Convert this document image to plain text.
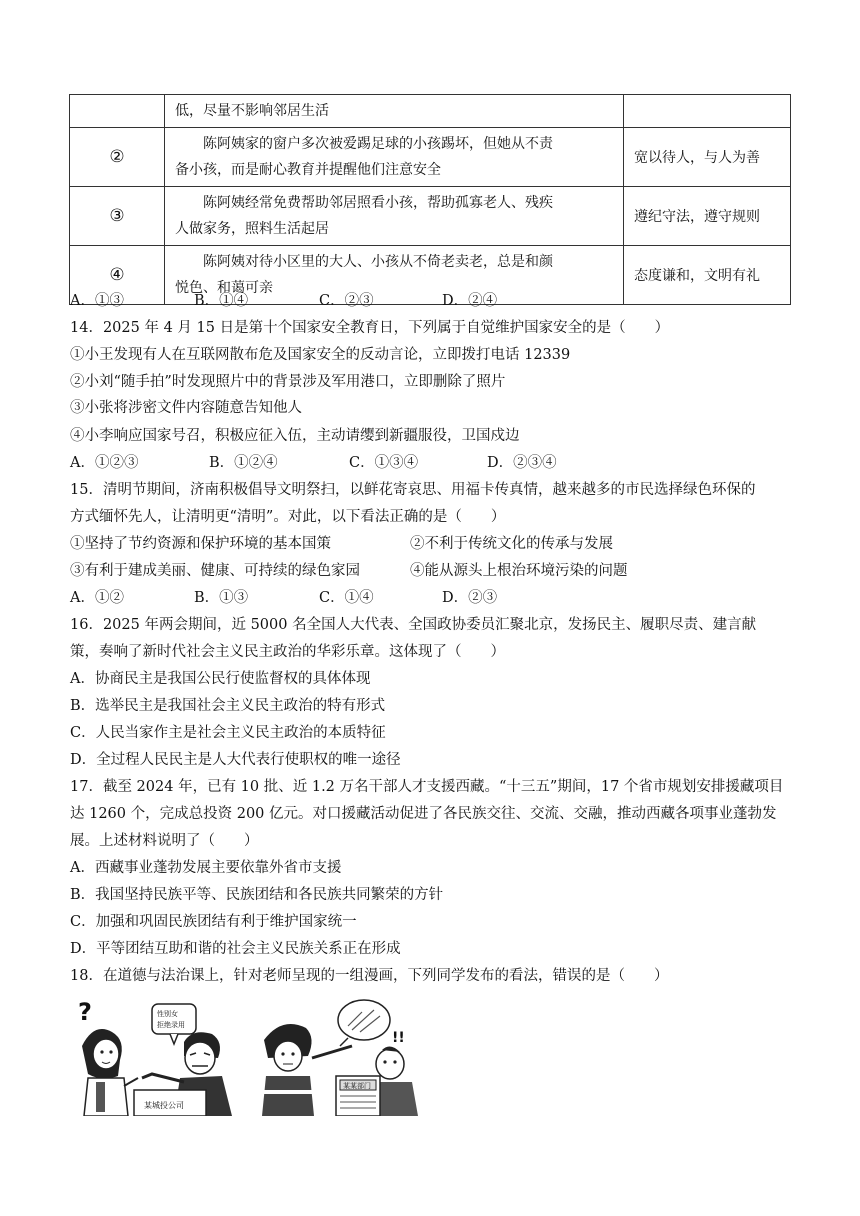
	低，尽量不影响邻居生活	
②	陈阿姨家的窗户多次被爱踢足球的小孩踢坏，但她从不责
备小孩，而是耐心教育并提醒他们注意安全	宽以待人，与人为善
③	陈阿姨经常免费帮助邻居照看小孩，帮助孤寡老人、残疾
人做家务，照料生活起居	遵纪守法，遵守规则
④	陈阿姨对待小区里的大人、小孩从不倚老卖老，总是和颜
悦色、和蔼可亲	态度谦和，文明有礼
A．①③	B．①④	C．②③	D．②④
14．2025 年 4 月 15 日是第十个国家安全教育日，下列属于自觉维护国家安全的是（　　）
①小王发现有人在互联网散布危及国家安全的反动言论，立即拨打电话 12339
②小刘“随手拍”时发现照片中的背景涉及军用港口，立即删除了照片
③小张将涉密文件内容随意告知他人
④小李响应国家号召，积极应征入伍，主动请缨到新疆服役，卫国戍边
A．①②③	B．①②④	C．①③④	D．②③④
15．清明节期间，济南积极倡导文明祭扫，以鲜花寄哀思、用福卡传真情，越来越多的市民选择绿色环保的
方式缅怀先人，让清明更“清明”。对此，以下看法正确的是（　　）
①坚持了节约资源和保护环境的基本国策	②不利于传统文化的传承与发展
③有利于建成美丽、健康、可持续的绿色家园	④能从源头上根治环境污染的问题
A．①②	B．①③	C．①④	D．②③
16．2025 年两会期间，近 5000 名全国人大代表、全国政协委员汇聚北京，发扬民主、履职尽责、建言献
策，奏响了新时代社会主义民主政治的华彩乐章。这体现了（　　）
A．协商民主是我国公民行使监督权的具体体现
B．选举民主是我国社会主义民主政治的特有形式
C．人民当家作主是社会主义民主政治的本质特征
D．全过程人民民主是人大代表行使职权的唯一途径
17．截至 2024 年，已有 10 批、近 1.2 万名干部人才支援西藏。“十三五”期间，17 个省市规划安排援藏项目
达 1260 个，完成总投资 200 亿元。对口援藏活动促进了各民族交往、交流、交融，推动西藏各项事业蓬勃发
展。上述材料说明了（　　）
A．西藏事业蓬勃发展主要依靠外省市支援
B．我国坚持民族平等、民族团结和各民族共同繁荣的方针
C．加强和巩固民族团结有利于维护国家统一
D．平等团结互助和谐的社会主义民族关系正在形成
18．在道德与法治课上，针对老师呈现的一组漫画，下列同学发布的看法，错误的是（　　）
?	性别女
拒绝录用
某城投公司
!!
某某部门
